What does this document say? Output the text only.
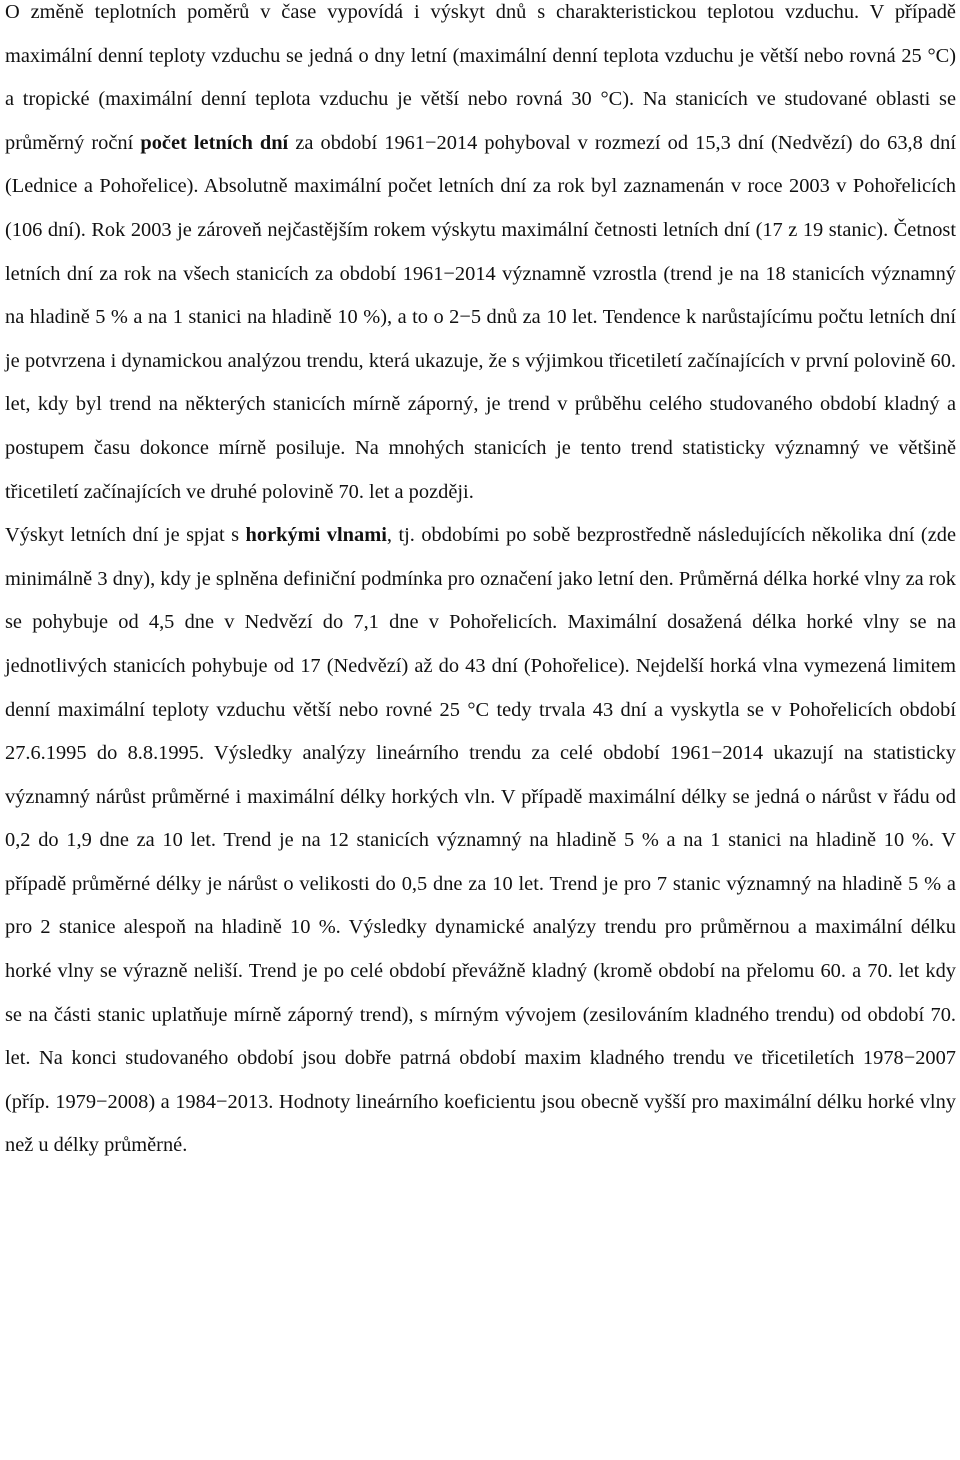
O změně teplotních poměrů v čase vypovídá i výskyt dnů s charakteristickou teplotou vzduchu. V případě maximální denní teploty vzduchu se jedná o dny letní (maximální denní teplota vzduchu je větší nebo rovná 25 °C) a tropické (maximální denní teplota vzduchu je větší nebo rovná 30 °C). Na stanicích ve studované oblasti se průměrný roční počet letních dní za období 1961−2014 pohyboval v rozmezí od 15,3 dní (Nedvězí) do 63,8 dní (Lednice a Pohořelice). Absolutně maximální počet letních dní za rok byl zaznamenán v roce 2003 v Pohořelicích (106 dní). Rok 2003 je zároveň nejčastějším rokem výskytu maximální četnosti letních dní (17 z 19 stanic). Četnost letních dní za rok na všech stanicích za období 1961−2014 významně vzrostla (trend je na 18 stanicích významný na hladině 5 % a na 1 stanici na hladině 10 %), a to o 2−5 dnů za 10 let. Tendence k narůstajícímu počtu letních dní je potvrzena i dynamickou analýzou trendu, která ukazuje, že s výjimkou třicetiletí začínajících v první polovině 60. let, kdy byl trend na některých stanicích mírně záporný, je trend v průběhu celého studovaného období kladný a postupem času dokonce mírně posiluje. Na mnohých stanicích je tento trend statisticky významný ve většině třicetiletí začínajících ve druhé polovině 70. let a později.

Výskyt letních dní je spjat s horkými vlnami, tj. obdobími po sobě bezprostředně následujících několika dní (zde minimálně 3 dny), kdy je splněna definiční podmínka pro označení jako letní den. Průměrná délka horké vlny za rok se pohybuje od 4,5 dne v Nedvězí do 7,1 dne v Pohořelicích. Maximální dosažená délka horké vlny se na jednotlivých stanicích pohybuje od 17 (Nedvězí) až do 43 dní (Pohořelice). Nejdelší horká vlna vymezená limitem denní maximální teploty vzduchu větší nebo rovné 25 °C tedy trvala 43 dní a vyskytla se v Pohořelicích období 27.6.1995 do 8.8.1995. Výsledky analýzy lineárního trendu za celé období 1961−2014 ukazují na statisticky významný nárůst průměrné i maximální délky horkých vln. V případě maximální délky se jedná o nárůst v řádu od 0,2 do 1,9 dne za 10 let. Trend je na 12 stanicích významný na hladině 5 % a na 1 stanici na hladině 10 %. V případě průměrné délky je nárůst o velikosti do 0,5 dne za 10 let. Trend je pro 7 stanic významný na hladině 5 % a pro 2 stanice alespoň na hladině 10 %. Výsledky dynamické analýzy trendu pro průměrnou a maximální délku horké vlny se výrazně neliší. Trend je po celé období převážně kladný (kromě období na přelomu 60. a 70. let kdy se na části stanic uplatňuje mírně záporný trend), s mírným vývojem (zesilováním kladného trendu) od období 70. let. Na konci studovaného období jsou dobře patrná období maxim kladného trendu ve třicetiletích 1978−2007 (příp. 1979−2008) a 1984−2013. Hodnoty lineárního koeficientu jsou obecně vyšší pro maximální délku horké vlny než u délky průměrné.
